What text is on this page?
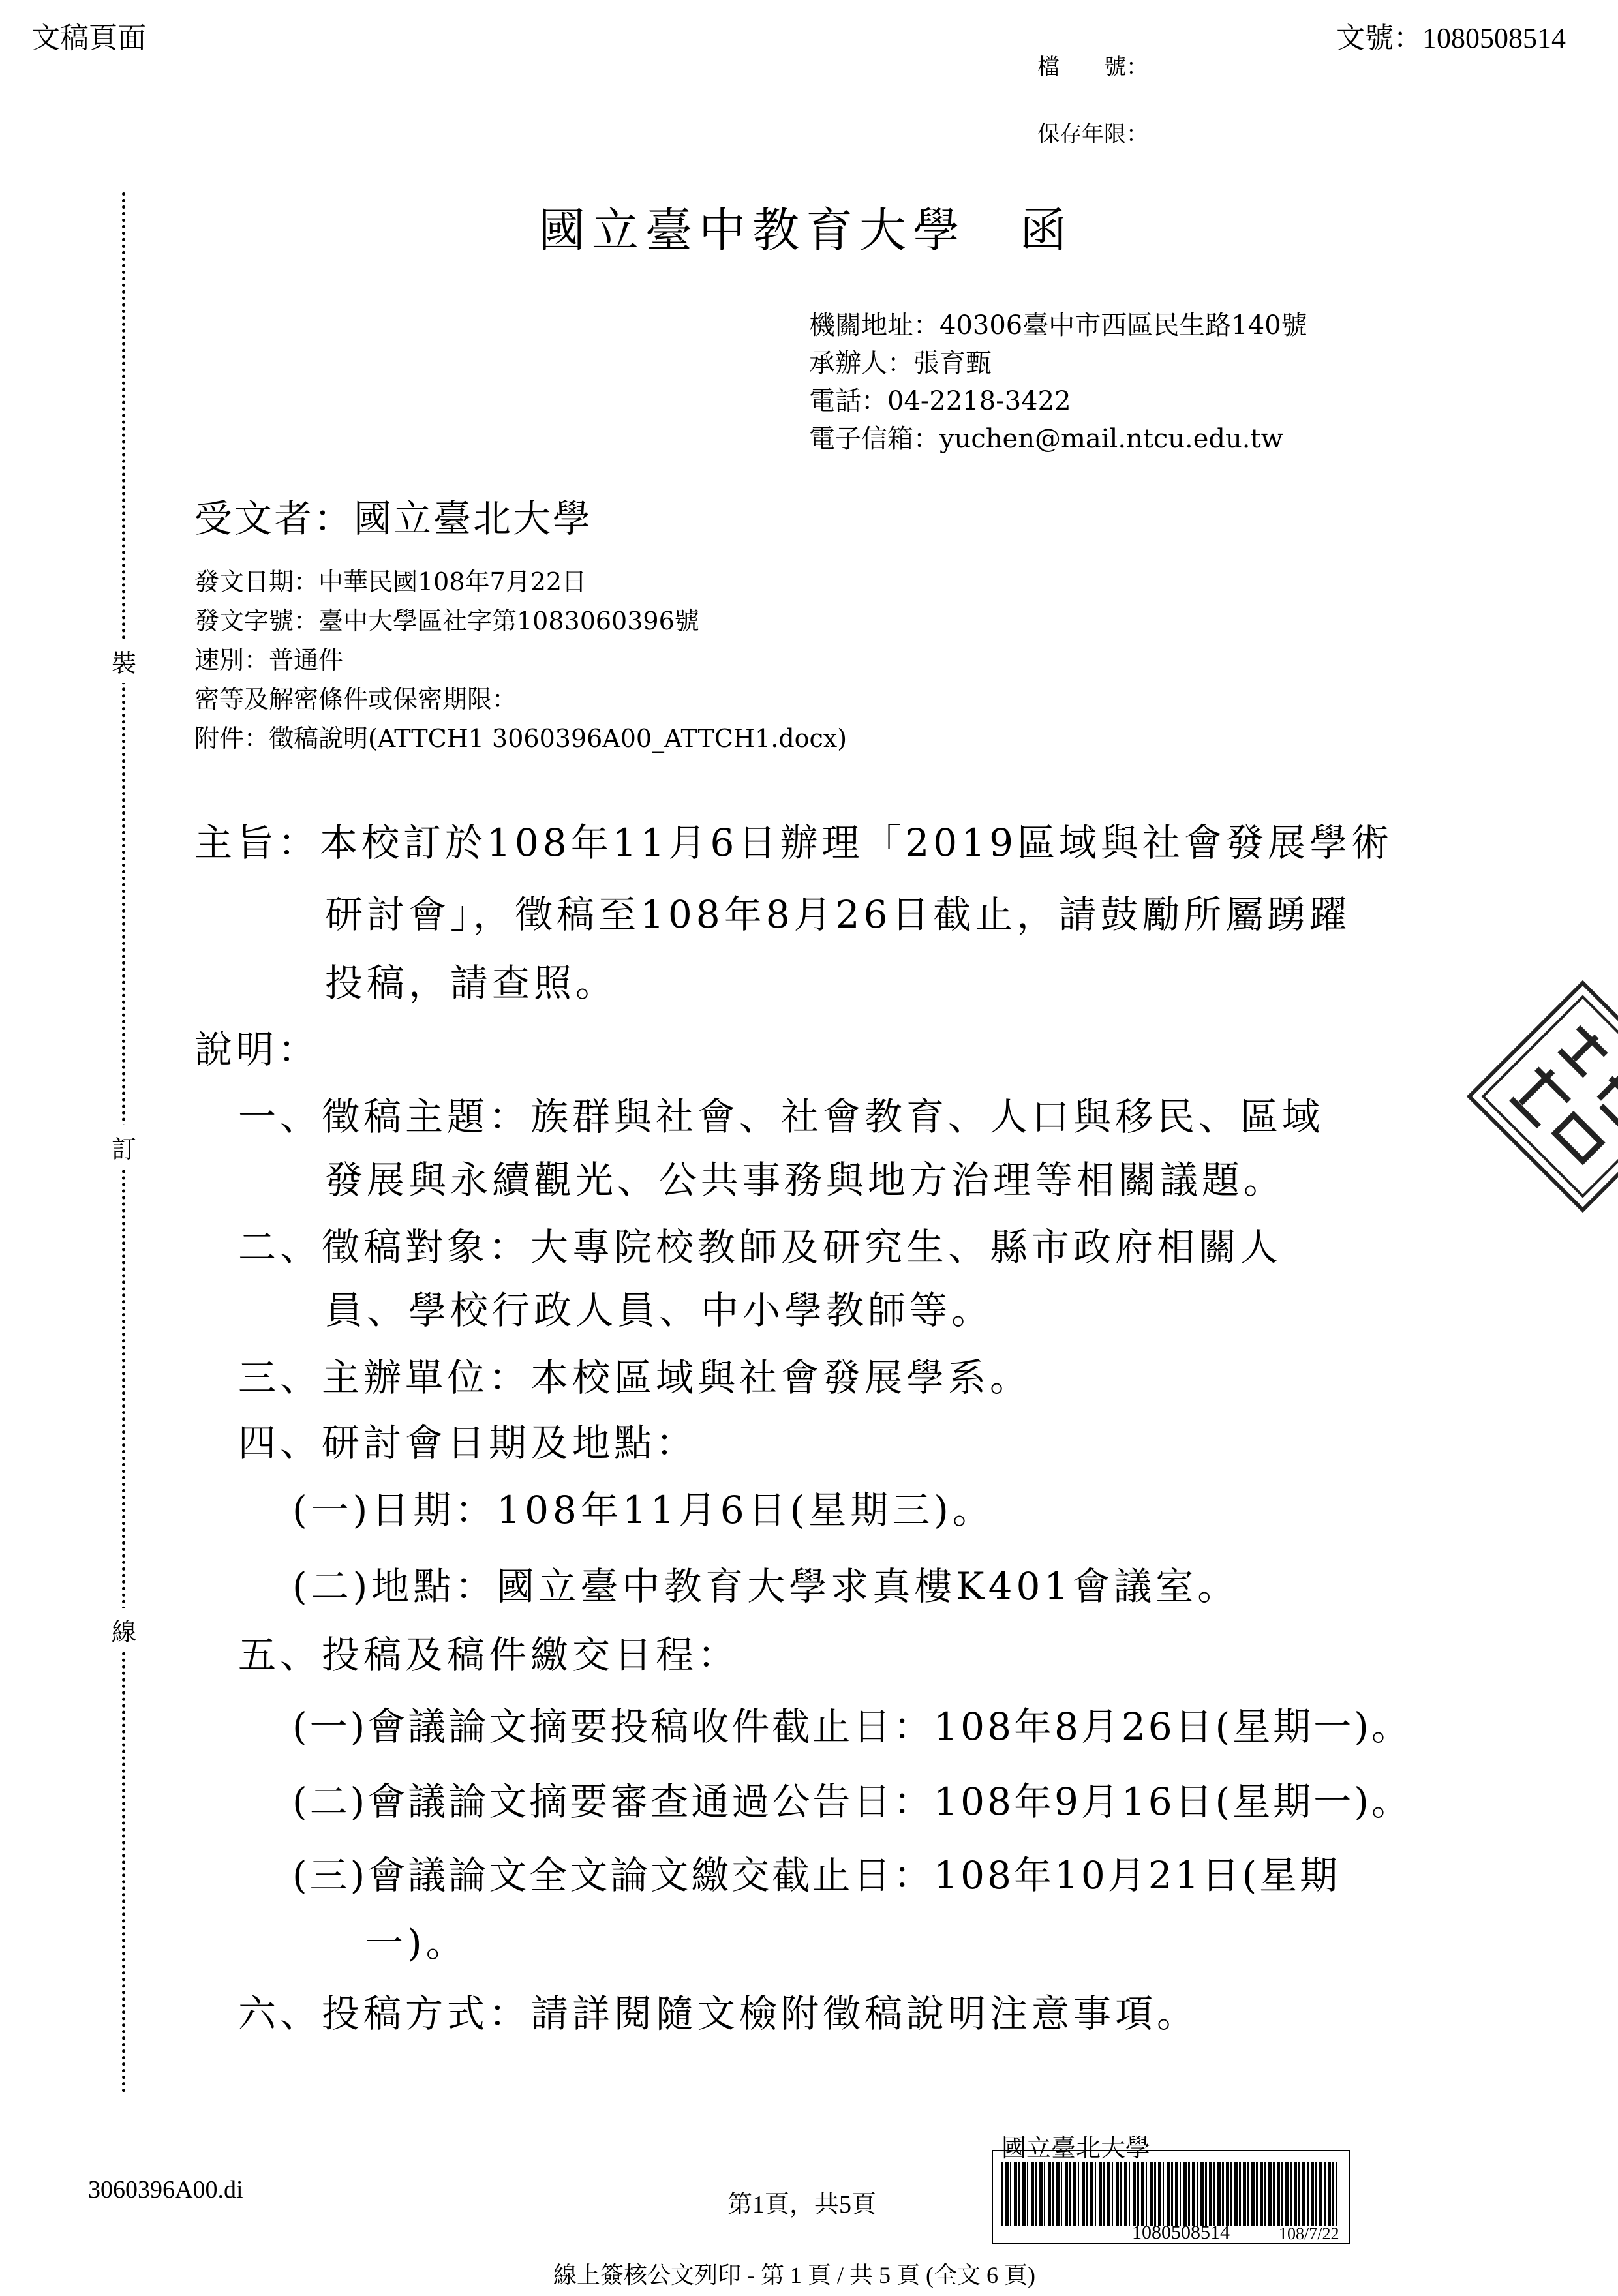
文稿頁面	文號：1080508514
檔　　號：
保存年限：
裝
訂
線
國立臺中教育大學　函
機關地址：40306臺中市西區民生路140號
承辦人：張育甄
電話：04-2218-3422
電子信箱：yuchen@mail.ntcu.edu.tw
受文者：國立臺北大學
發文日期：中華民國108年7月22日
發文字號：臺中大學區社字第1083060396號
速別：普通件
密等及解密條件或保密期限：
附件：徵稿說明(ATTCH1 3060396A00_ATTCH1.docx)
主旨：本校訂於108年11月6日辦理「2019區域與社會發展學術
研討會」，徵稿至108年8月26日截止，請鼓勵所屬踴躍
投稿，請查照。
說明：
一、徵稿主題：族群與社會、社會教育、人口與移民、區域
發展與永續觀光、公共事務與地方治理等相關議題。
二、徵稿對象：大專院校教師及研究生、縣市政府相關人
員、學校行政人員、中小學教師等。
三、主辦單位：本校區域與社會發展學系。
四、研討會日期及地點：
(一)日期：108年11月6日(星期三)。
(二)地點：國立臺中教育大學求真樓K401會議室。
五、投稿及稿件繳交日程：
(一)會議論文摘要投稿收件截止日：108年8月26日(星期一)。
(二)會議論文摘要審查通過公告日：108年9月16日(星期一)。
(三)會議論文全文論文繳交截止日：108年10月21日(星期
一)。
六、投稿方式：請詳閱隨文檢附徵稿說明注意事項。
3060396A00.di
第1頁，共5頁
國立臺北大學
1080508514	108/7/22
線上簽核公文列印 - 第 1 頁 / 共 5 頁 (全文 6 頁)
